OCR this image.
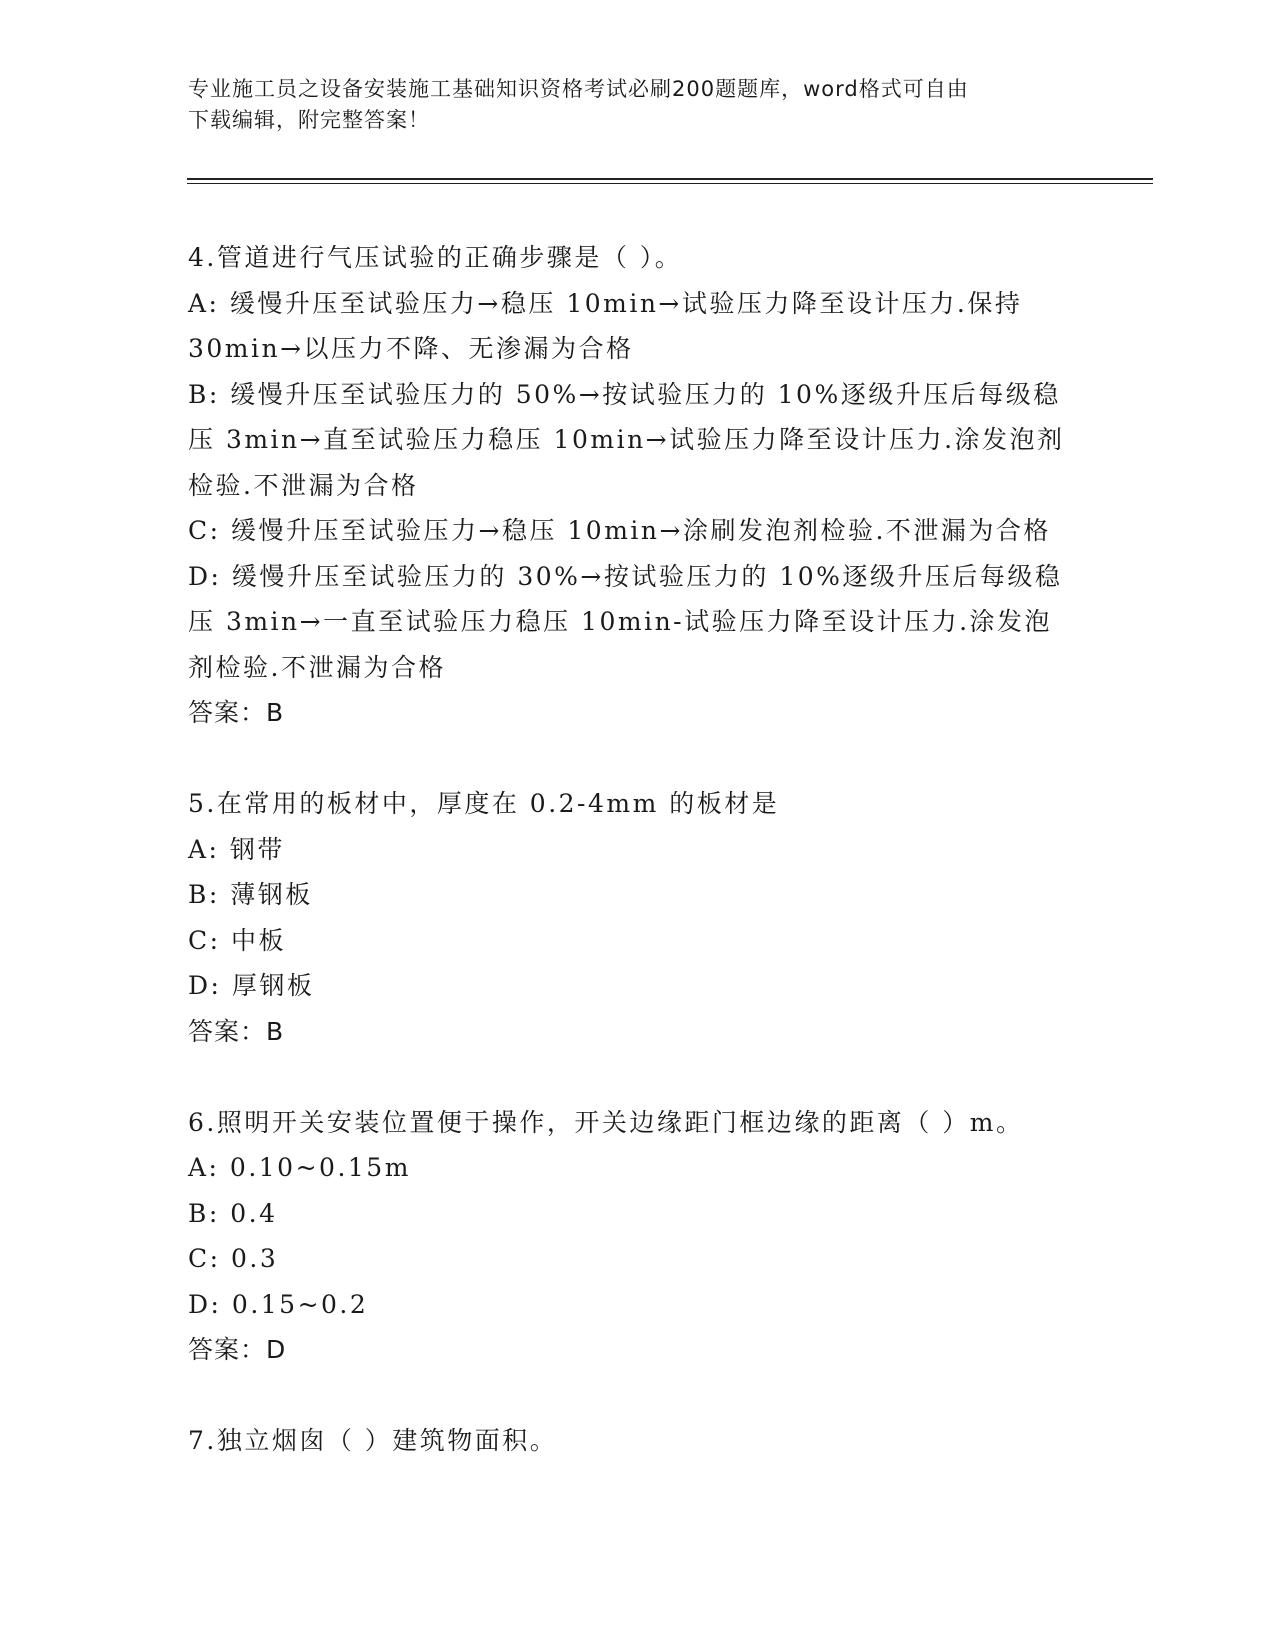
专业施工员之设备安装施工基础知识资格考试必刷200题题库，word格式可自由
下载编辑，附完整答案！

4.管道进行气压试验的正确步骤是（ ）。

A: 缓慢升压至试验压力→稳压 10min→试验压力降至设计压力.保持

30min→以压力不降、无渗漏为合格

B: 缓慢升压至试验压力的 50%→按试验压力的 10%逐级升压后每级稳

压 3min→直至试验压力稳压 10min→试验压力降至设计压力.涂发泡剂

检验.不泄漏为合格

C: 缓慢升压至试验压力→稳压 10min→涂刷发泡剂检验.不泄漏为合格

D: 缓慢升压至试验压力的 30%→按试验压力的 10%逐级升压后每级稳

压 3min→一直至试验压力稳压 10min-试验压力降至设计压力.涂发泡

剂检验.不泄漏为合格

答案：B

5.在常用的板材中，厚度在 0.2-4mm 的板材是

A: 钢带

B: 薄钢板

C: 中板

D: 厚钢板

答案：B

6.照明开关安装位置便于操作，开关边缘距门框边缘的距离（ ）m。

A: 0.10~0.15m

B: 0.4

C: 0.3

D: 0.15~0.2

答案：D

7.独立烟囱（ ）建筑物面积。
